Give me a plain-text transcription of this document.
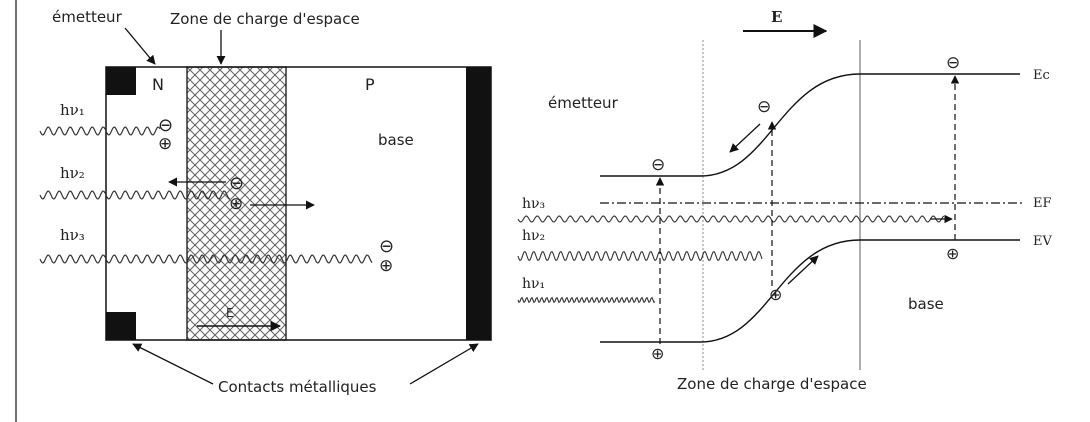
émetteur	Zone de charge d'espace
N	P
base
Contacts métalliques
E
hν₁
hν₂
hν₃
⊖
⊕
⊖
⊕
⊖
⊕
E
Ec
EF
EV
émetteur
base
Zone de charge d'espace
hν₃
hν₂
hν₁
⊖
⊕
⊖
⊕
⊖
⊕
